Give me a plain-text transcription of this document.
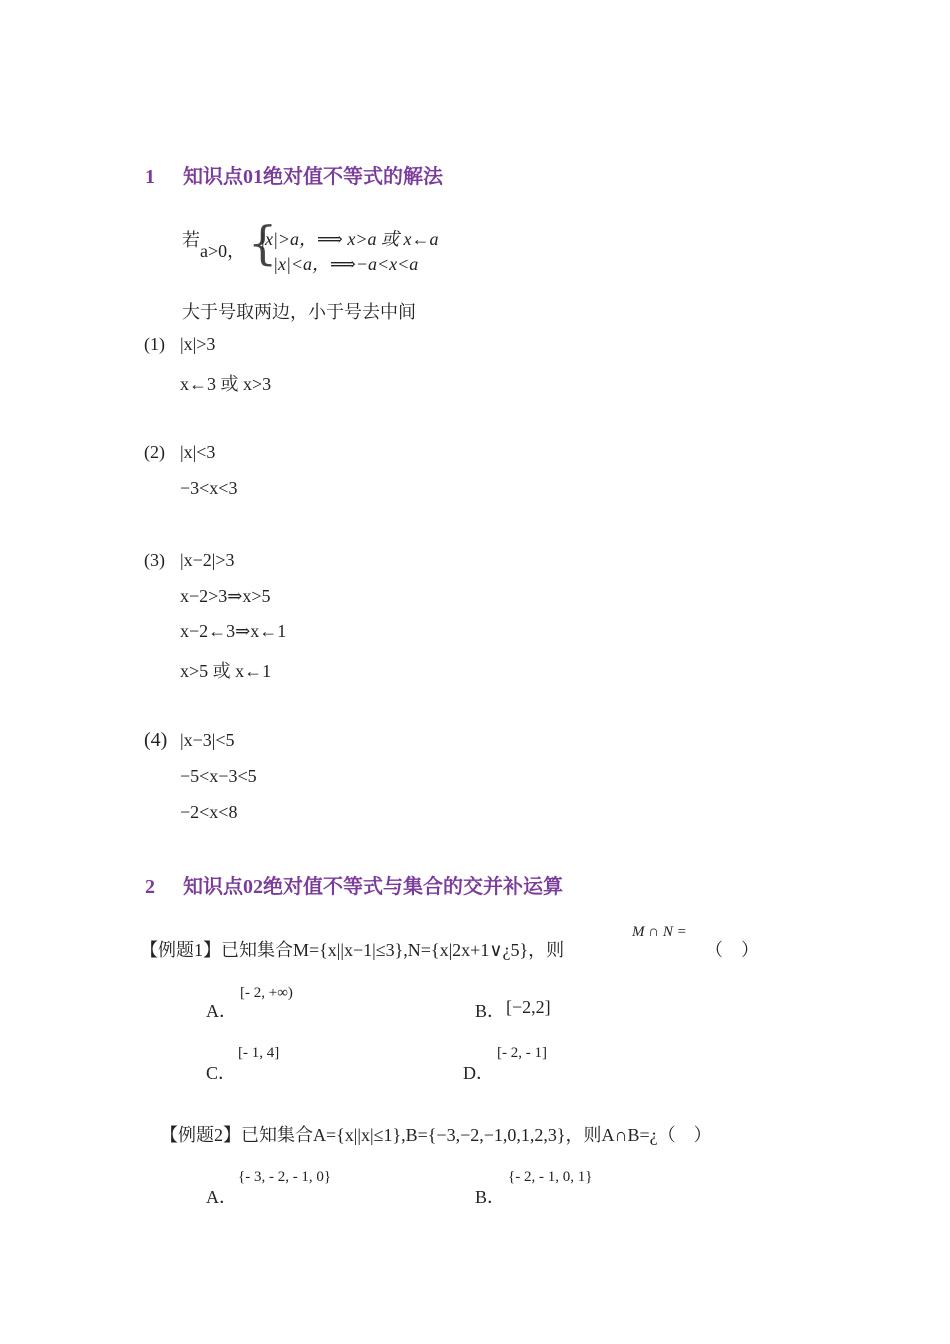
1 知识点01绝对值不等式的解法
若
a>0， {
|x|>a，⟹ x>a 或 x←a
|x|<a，⟹−a<x<a
大于号取两边，小于号去中间
(1) |x|>3
x←3 或 x>3
(2) |x|<3
−3<x<3
(3) |x−2|>3
x−2>3⇒x>5
x−2←3⇒x←1
x>5 或 x←1
(4) |x−3|<5
−5<x−3<5
−2<x<8
2 知识点02绝对值不等式与集合的交并补运算
【例题1】已知集合M={x||x−1|≤3},N={x|2x+1∨¿5}，则
M ∩ N =
（　）
A．
[- 2, +∞)
B． [−2,2]
C．
[- 1, 4]
D．
[- 2, - 1]
【例题2】已知集合A={x||x|≤1},B={−3,−2,−1,0,1,2,3}，则A∩B=¿（　）
A．
{- 3, - 2, - 1, 0}
B．
{- 2, - 1, 0, 1}
